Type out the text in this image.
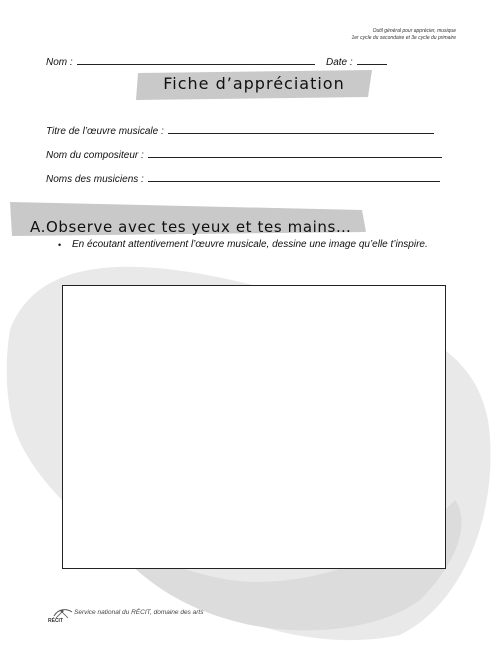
Outil général pour apprécier, musique
1er cycle du secondaire et 3e cycle du primaire
Nom :	Date :
Fiche d’appréciation
Titre de l’œuvre musicale :
Nom du compositeur :
Noms des musiciens :
A.Observe avec tes yeux et tes mains…
•	En écoutant attentivement l’œuvre musicale, dessine une image qu’elle t’inspire.
RÉCIT
Service national du RÉCIT, domaine des arts
